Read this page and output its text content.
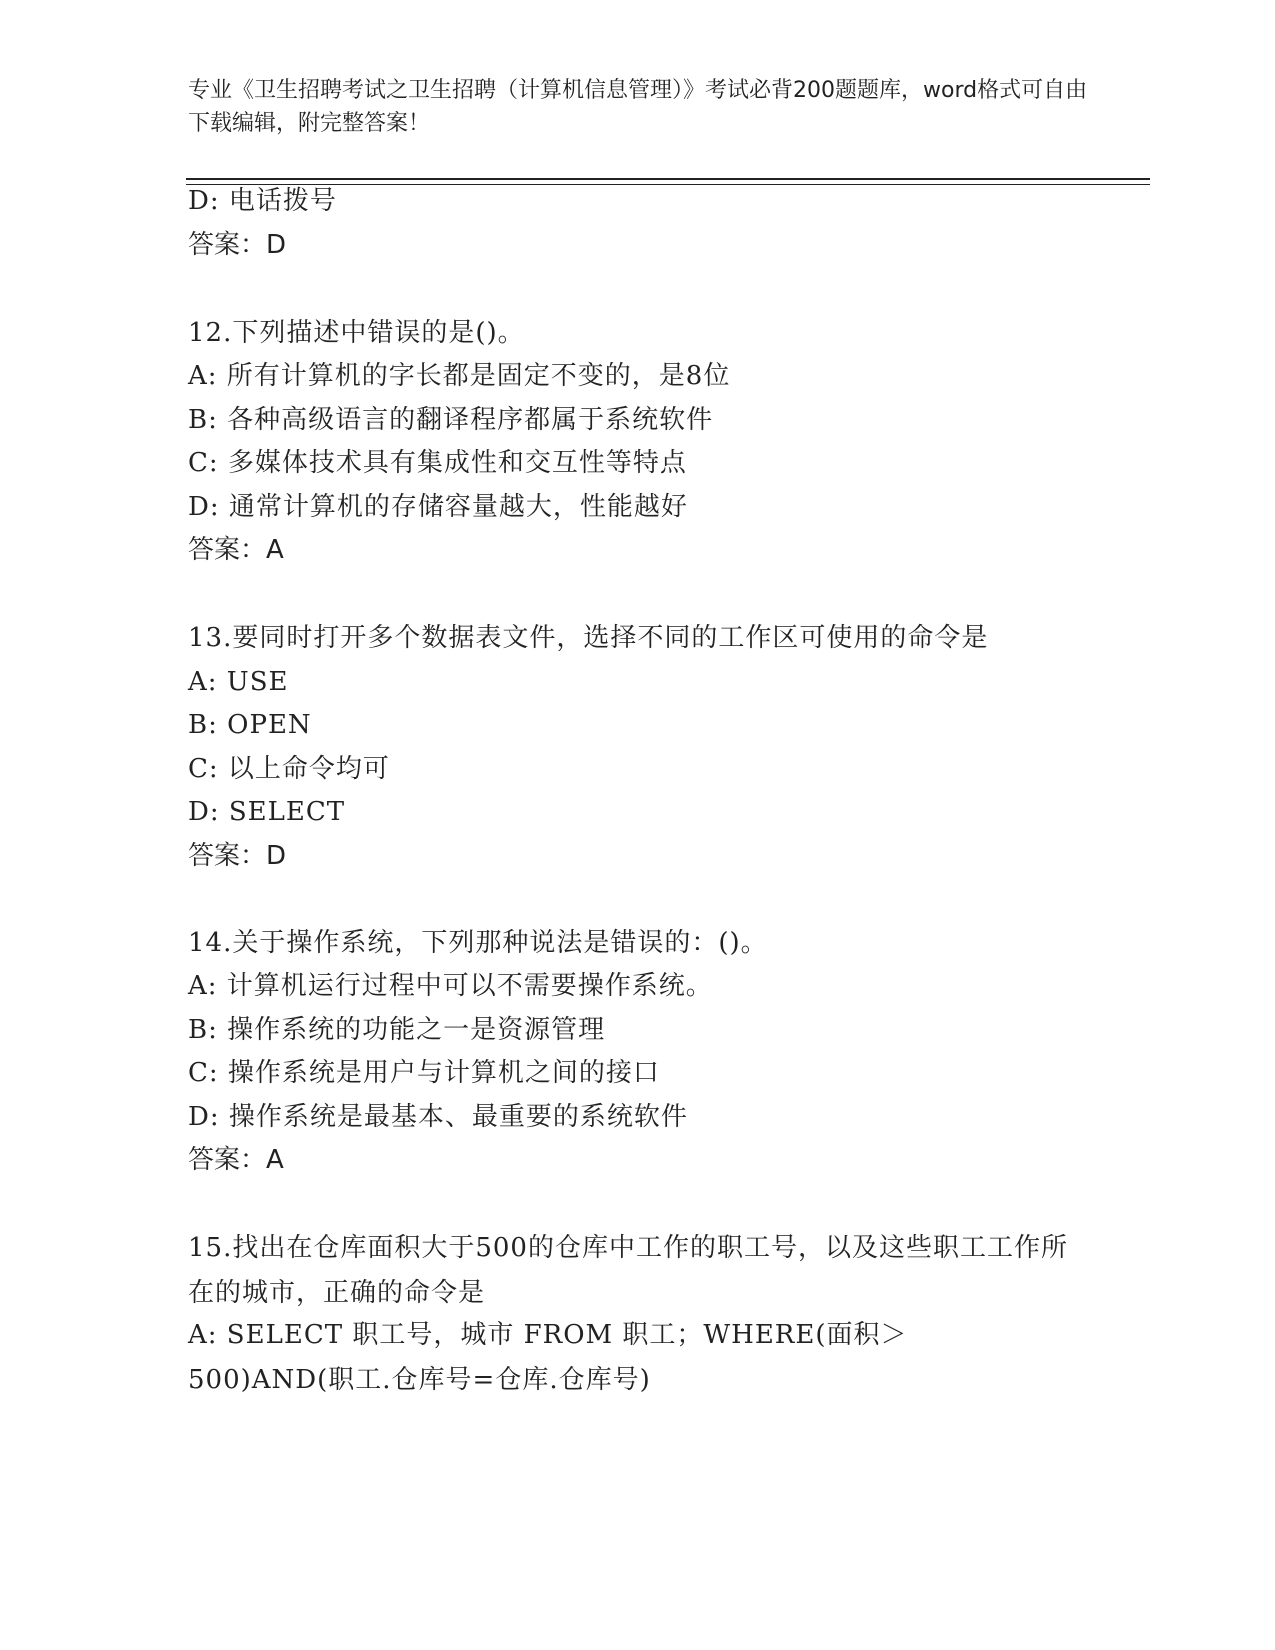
专业《卫生招聘考试之卫生招聘（计算机信息管理）》考试必背200题题库，word格式可自由下载编辑，附完整答案！
D: 电话拨号
答案：D
12.下列描述中错误的是()。
A: 所有计算机的字长都是固定不变的，是8位
B: 各种高级语言的翻译程序都属于系统软件
C: 多媒体技术具有集成性和交互性等特点
D: 通常计算机的存储容量越大，性能越好
答案：A
13.要同时打开多个数据表文件，选择不同的工作区可使用的命令是
A: USE
B: OPEN
C: 以上命令均可
D: SELECT
答案：D
14.关于操作系统，下列那种说法是错误的：()。
A: 计算机运行过程中可以不需要操作系统。
B: 操作系统的功能之一是资源管理
C: 操作系统是用户与计算机之间的接口
D: 操作系统是最基本、最重要的系统软件
答案：A
15.找出在仓库面积大于500的仓库中工作的职工号，以及这些职工工作所在的城市，正确的命令是
A: SELECT 职工号，城市 FROM 职工；WHERE(面积＞500)AND(职工.仓库号=仓库.仓库号)
